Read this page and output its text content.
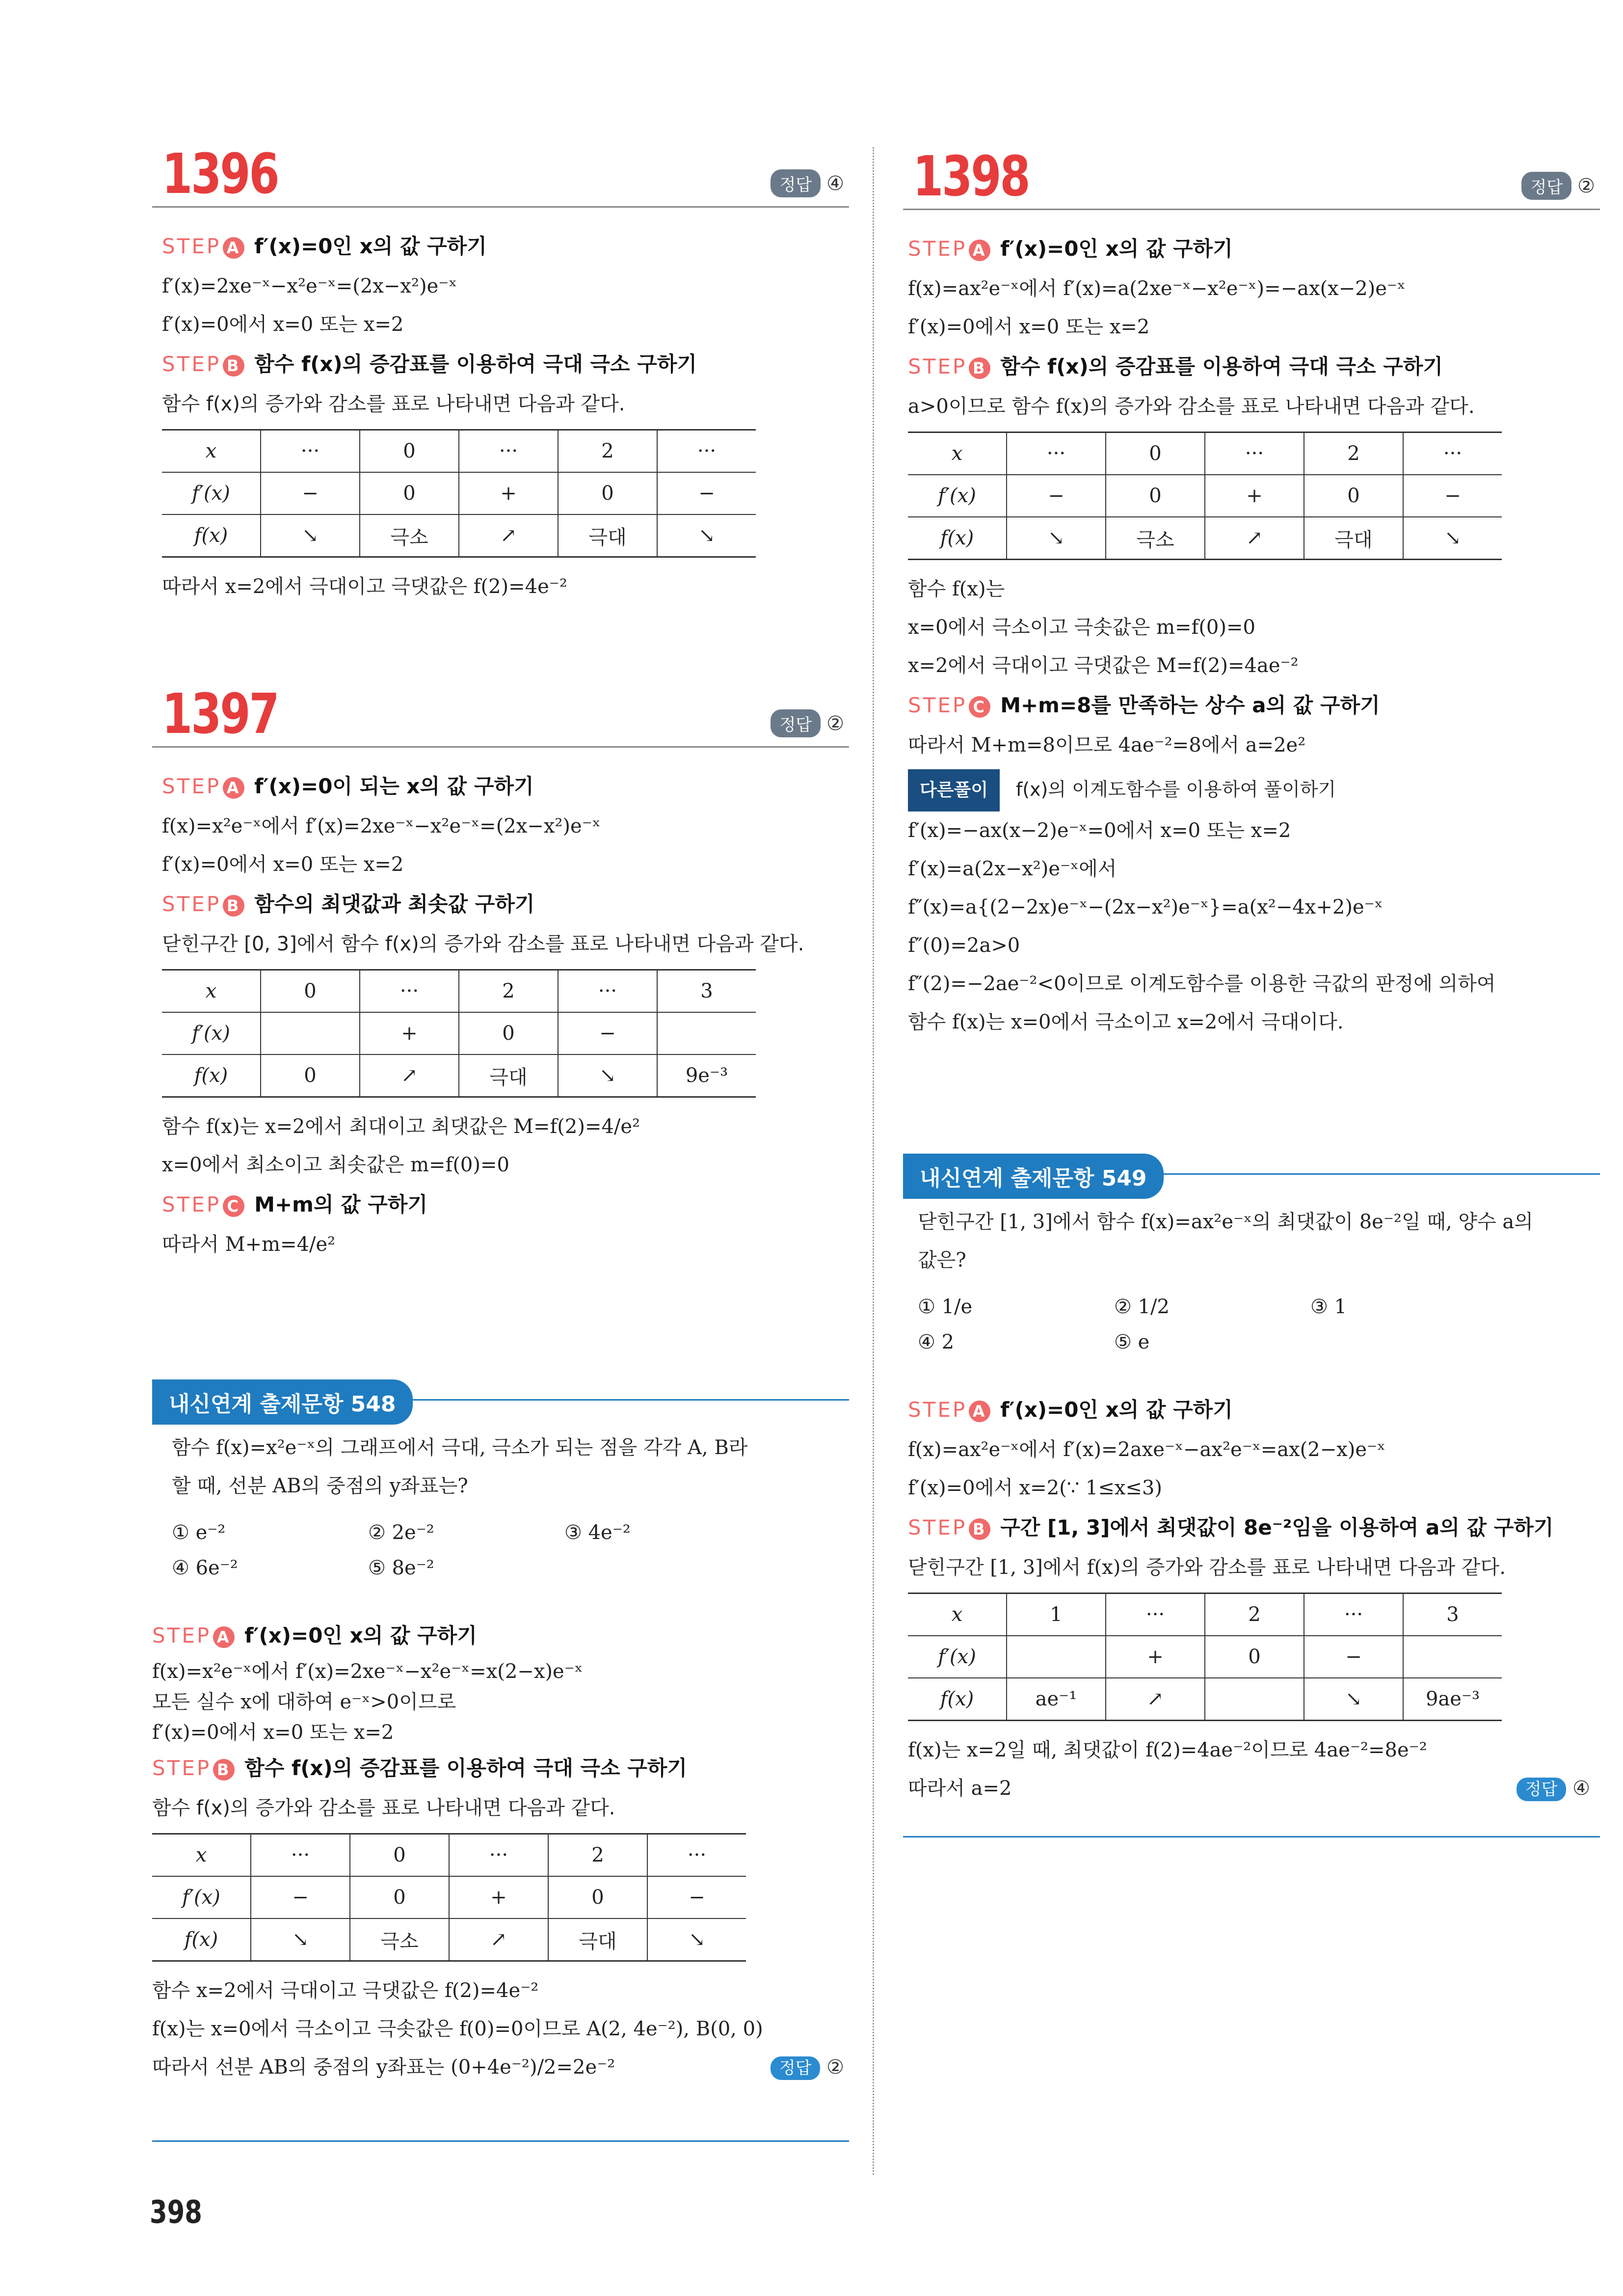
1396	정답 ④
STEP A f′(x)=0인 x의 값 구하기
f′(x)=2xe⁻ˣ−x²e⁻ˣ=(2x−x²)e⁻ˣ
f′(x)=0에서 x=0 또는 x=2
STEP B 함수 f(x)의 증감표를 이용하여 극대 극소 구하기
함수 f(x)의 증가와 감소를 표로 나타내면 다음과 같다.
x	···	0	···	2	···
f′(x)	−	0	+	0	−
f(x)	↘	극소	↗	극대	↘
따라서 x=2에서 극대이고 극댓값은 f(2)=4e⁻²
1397	정답 ②
STEP A f′(x)=0이 되는 x의 값 구하기
f(x)=x²e⁻ˣ에서 f′(x)=2xe⁻ˣ−x²e⁻ˣ=(2x−x²)e⁻ˣ
f′(x)=0에서 x=0 또는 x=2
STEP B 함수의 최댓값과 최솟값 구하기
닫힌구간 [0, 3]에서 함수 f(x)의 증가와 감소를 표로 나타내면 다음과 같다.
x	0	···	2	···	3
f′(x)		+	0	−	
f(x)	0	↗	극대	↘	9e⁻³
함수 f(x)는 x=2에서 최대이고 최댓값은 M=f(2)=4/e²
x=0에서 최소이고 최솟값은 m=f(0)=0
STEP C M+m의 값 구하기
따라서 M+m=4/e²
내신연계 출제문항 548
함수 f(x)=x²e⁻ˣ의 그래프에서 극대, 극소가 되는 점을 각각 A, B라
할 때, 선분 AB의 중점의 y좌표는?
① e⁻²	② 2e⁻²	③ 4e⁻²
④ 6e⁻²	⑤ 8e⁻²
STEP A f′(x)=0인 x의 값 구하기
f(x)=x²e⁻ˣ에서 f′(x)=2xe⁻ˣ−x²e⁻ˣ=x(2−x)e⁻ˣ
모든 실수 x에 대하여 e⁻ˣ>0이므로
f′(x)=0에서 x=0 또는 x=2
STEP B 함수 f(x)의 증감표를 이용하여 극대 극소 구하기
함수 f(x)의 증가와 감소를 표로 나타내면 다음과 같다.
x	···	0	···	2	···
f′(x)	−	0	+	0	−
f(x)	↘	극소	↗	극대	↘
함수 x=2에서 극대이고 극댓값은 f(2)=4e⁻²
f(x)는 x=0에서 극소이고 극솟값은 f(0)=0이므로 A(2, 4e⁻²), B(0, 0)
따라서 선분 AB의 중점의 y좌표는 (0+4e⁻²)/2=2e⁻²	정답 ②
1398	정답 ②
STEP A f′(x)=0인 x의 값 구하기
f(x)=ax²e⁻ˣ에서 f′(x)=a(2xe⁻ˣ−x²e⁻ˣ)=−ax(x−2)e⁻ˣ
f′(x)=0에서 x=0 또는 x=2
STEP B 함수 f(x)의 증감표를 이용하여 극대 극소 구하기
a>0이므로 함수 f(x)의 증가와 감소를 표로 나타내면 다음과 같다.
x	···	0	···	2	···
f′(x)	−	0	+	0	−
f(x)	↘	극소	↗	극대	↘
함수 f(x)는
x=0에서 극소이고 극솟값은 m=f(0)=0
x=2에서 극대이고 극댓값은 M=f(2)=4ae⁻²
STEP C M+m=8를 만족하는 상수 a의 값 구하기
따라서 M+m=8이므로 4ae⁻²=8에서 a=2e²
다른풀이 f(x)의 이계도함수를 이용하여 풀이하기
f′(x)=−ax(x−2)e⁻ˣ=0에서 x=0 또는 x=2
f′(x)=a(2x−x²)e⁻ˣ에서
f″(x)=a{(2−2x)e⁻ˣ−(2x−x²)e⁻ˣ}=a(x²−4x+2)e⁻ˣ
f″(0)=2a>0
f″(2)=−2ae⁻²<0이므로 이계도함수를 이용한 극값의 판정에 의하여
함수 f(x)는 x=0에서 극소이고 x=2에서 극대이다.
내신연계 출제문항 549
닫힌구간 [1, 3]에서 함수 f(x)=ax²e⁻ˣ의 최댓값이 8e⁻²일 때, 양수 a의
값은?
① 1/e	② 1/2	③ 1
④ 2	⑤ e
STEP A f′(x)=0인 x의 값 구하기
f(x)=ax²e⁻ˣ에서 f′(x)=2axe⁻ˣ−ax²e⁻ˣ=ax(2−x)e⁻ˣ
f′(x)=0에서 x=2(∵ 1≤x≤3)
STEP B 구간 [1, 3]에서 최댓값이 8e⁻²임을 이용하여 a의 값 구하기
닫힌구간 [1, 3]에서 f(x)의 증가와 감소를 표로 나타내면 다음과 같다.
x	1	···	2	···	3
f′(x)		+	0	−	
f(x)	ae⁻¹	↗		↘	9ae⁻³
f(x)는 x=2일 때, 최댓값이 f(2)=4ae⁻²이므로 4ae⁻²=8e⁻²
따라서 a=2	정답 ④
398
